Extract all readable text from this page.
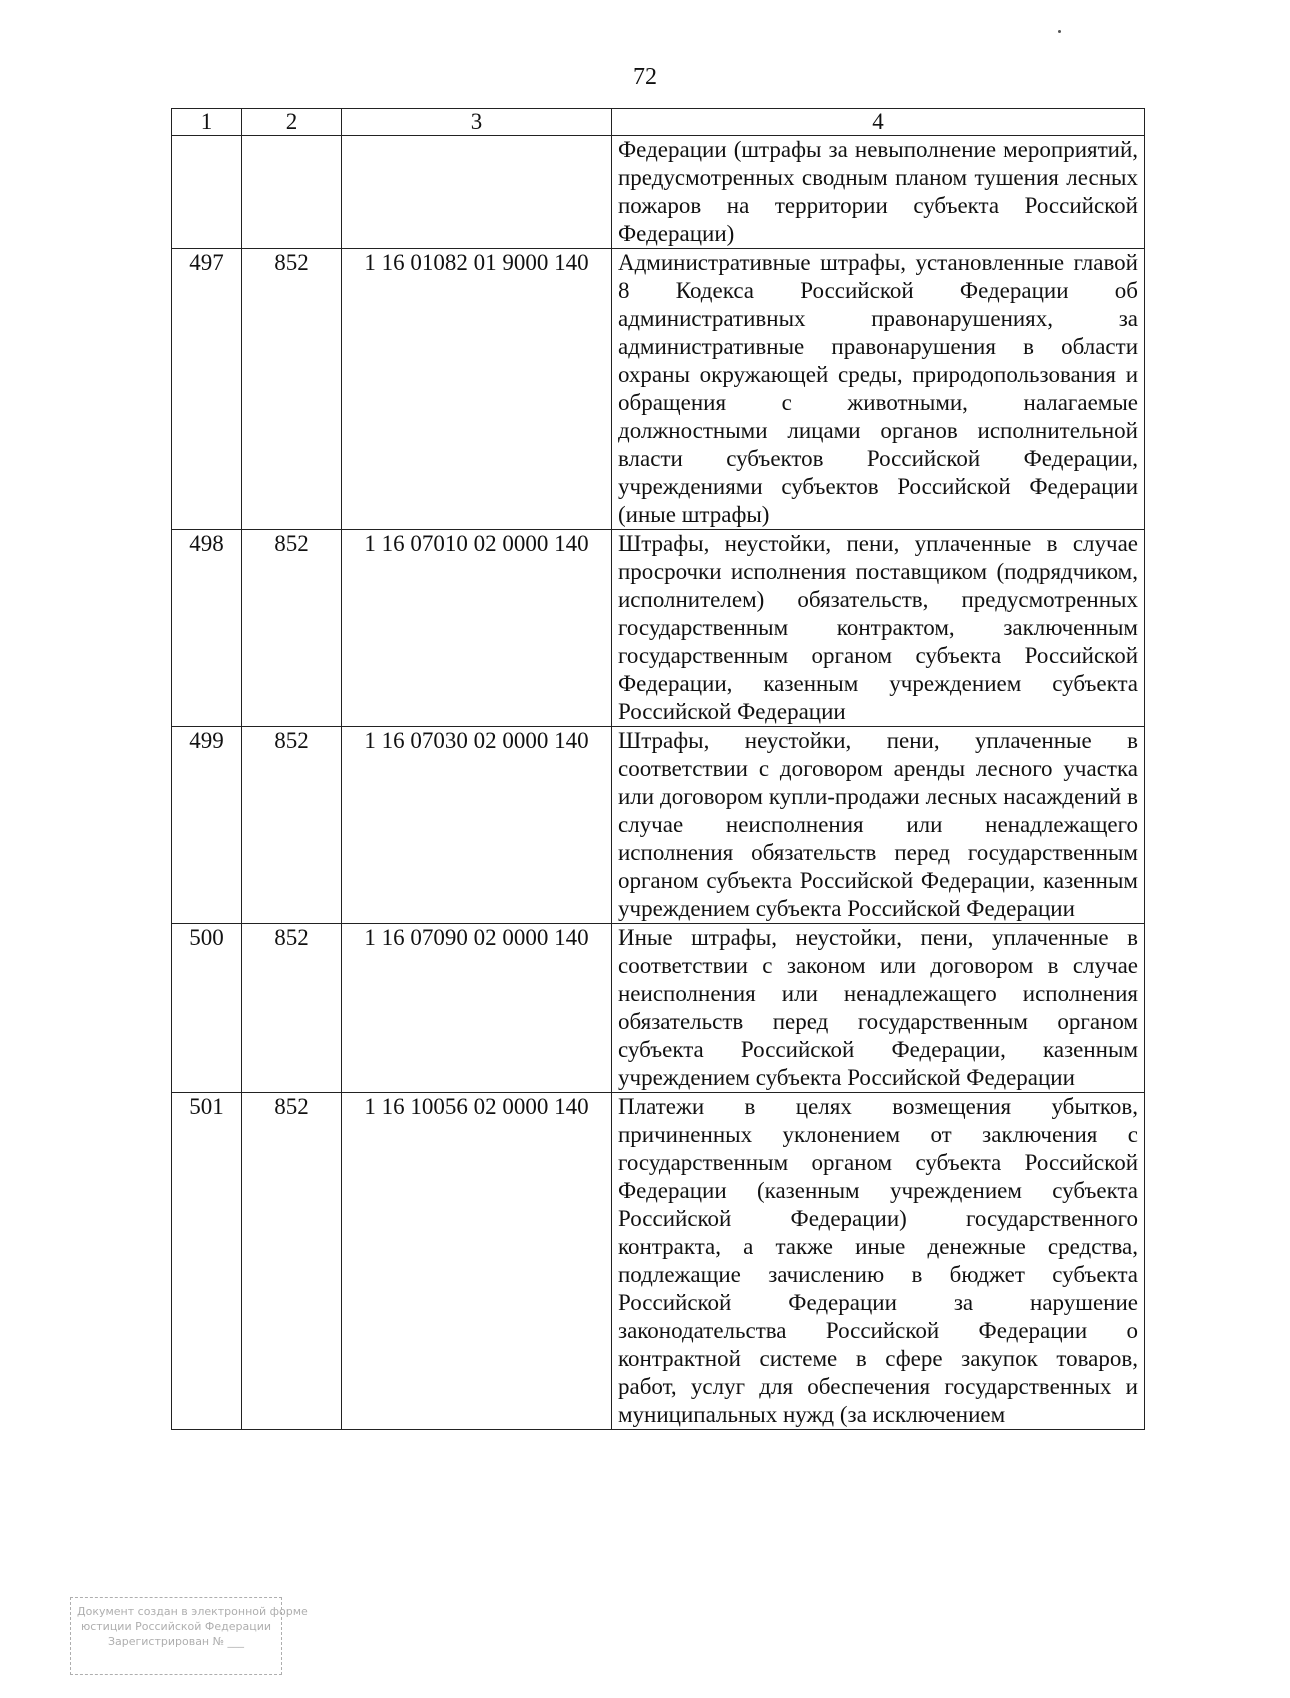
72
1	2	3	4
			Федерации (штрафы за невыполнение мероприятий, предусмотренных сводным планом тушения лесных пожаров на территории субъекта Российской Федерации)
497	852	1 16 01082 01 9000 140	Административные штрафы, установленные главой 8 Кодекса Российской Федерации об административных правонарушениях, за административные правонарушения в области охраны окружающей среды, природопользования и обращения с животными, налагаемые должностными лицами органов исполнительной власти субъектов Российской Федерации, учреждениями субъектов Российской Федерации (иные штрафы)
498	852	1 16 07010 02 0000 140	Штрафы, неустойки, пени, уплаченные в случае просрочки исполнения поставщиком (подрядчиком, исполнителем) обязательств, предусмотренных государственным контрактом, заключенным государственным органом субъекта Российской Федерации, казенным учреждением субъекта Российской Федерации
499	852	1 16 07030 02 0000 140	Штрафы, неустойки, пени, уплаченные в соответствии с договором аренды лесного участка или договором купли-продажи лесных насаждений в случае неисполнения или ненадлежащего исполнения обязательств перед государственным органом субъекта Российской Федерации, казенным учреждением субъекта Российской Федерации
500	852	1 16 07090 02 0000 140	Иные штрафы, неустойки, пени, уплаченные в соответствии с законом или договором в случае неисполнения или ненадлежащего исполнения обязательств перед государственным органом субъекта Российской Федерации, казенным учреждением субъекта Российской Федерации
501	852	1 16 10056 02 0000 140	Платежи в целях возмещения убытков, причиненных уклонением от заключения с государственным органом субъекта Российской Федерации (казенным учреждением субъекта Российской Федерации) государственного контракта, а также иные денежные средства, подлежащие зачислению в бюджет субъекта Российской Федерации за нарушение законодательства Российской Федерации о контрактной системе в сфере закупок товаров, работ, услуг для обеспечения государственных и муниципальных нужд (за исключением
Документ создан в электронной форме
юстиции Российской Федерации
Зарегистрирован № ___
